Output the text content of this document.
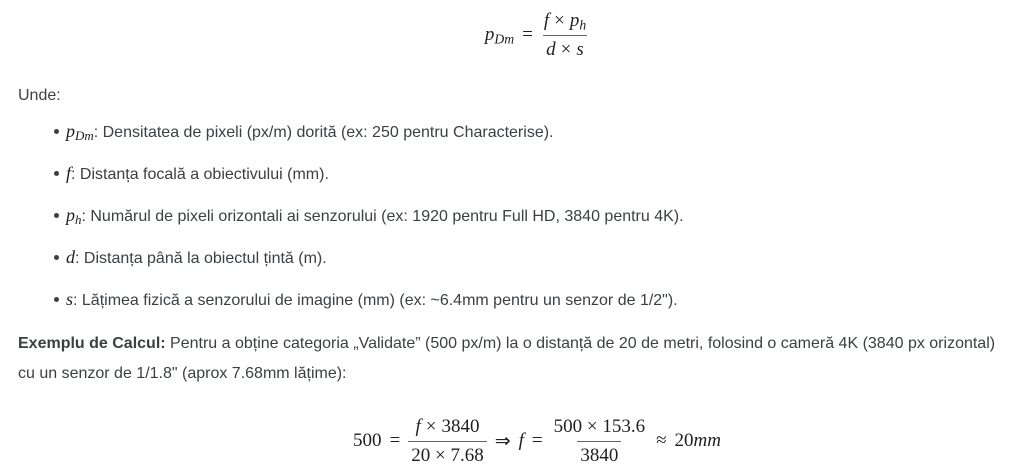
$p_{Dm} = \frac{f \times p_h}{d \times s}$

Unde:

$p_{Dm}$: Densitatea de pixeli (px/m) dorită (ex: 250 pentru Characterise).
f: Distanța focală a obiectivului (mm).
$p_h$: Numărul de pixeli orizontali ai senzorului (ex: 1920 pentru Full HD, 3840 pentru 4K).
d: Distanța până la obiectul țintă (m).
s: Lățimea fizică a senzorului de imagine (mm) (ex: ~6.4mm pentru un senzor de 1/2").

Exemplu de Calcul: Pentru a obține categoria „Validate” (500 px/m) la o distanță de 20 de metri, folosind o cameră 4K (3840 px orizontal) cu un senzor de 1/1.8" (aprox 7.68mm lățime):

$500 = \frac{f \times 3840}{20 \times 7.68}$ ⇒ $f = \frac{500 \times 153.6}{3840} \approx 20mm$
